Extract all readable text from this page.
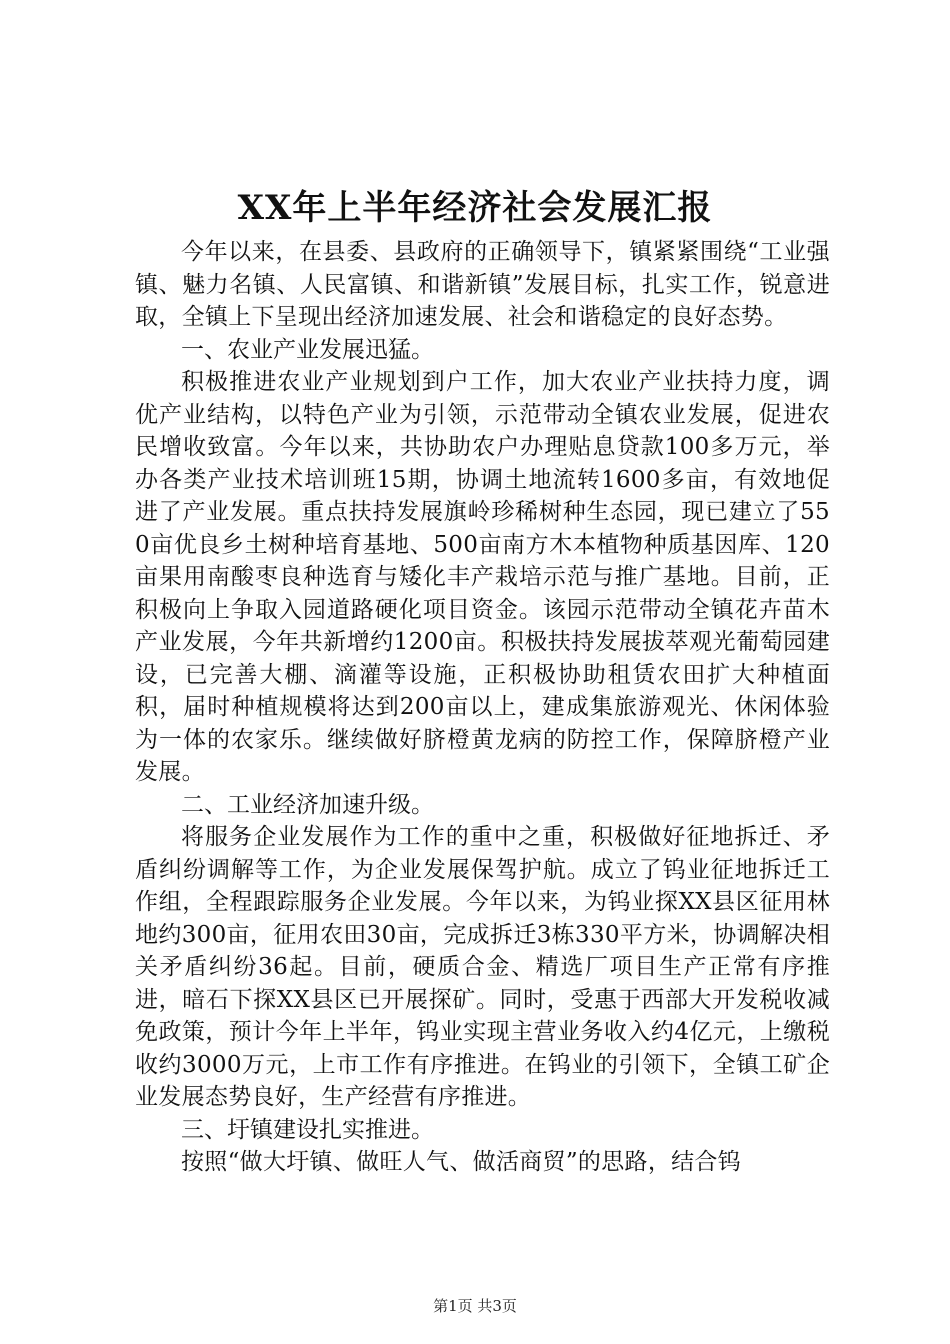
XX年上半年经济社会发展汇报

今年以来，在县委、县政府的正确领导下，镇紧紧围绕“工业强镇、魅力名镇、人民富镇、和谐新镇”发展目标，扎实工作，锐意进取，全镇上下呈现出经济加速发展、社会和谐稳定的良好态势。

一、农业产业发展迅猛。

积极推进农业产业规划到户工作，加大农业产业扶持力度，调优产业结构，以特色产业为引领，示范带动全镇农业发展，促进农民增收致富。今年以来，共协助农户办理贴息贷款100多万元，举办各类产业技术培训班15期，协调土地流转1600多亩，有效地促进了产业发展。重点扶持发展旗岭珍稀树种生态园，现已建立了550亩优良乡土树种培育基地、500亩南方木本植物种质基因库、120亩果用南酸枣良种选育与矮化丰产栽培示范与推广基地。目前，正积极向上争取入园道路硬化项目资金。该园示范带动全镇花卉苗木产业发展，今年共新增约1200亩。积极扶持发展拔萃观光葡萄园建设，已完善大棚、滴灌等设施，正积极协助租赁农田扩大种植面积，届时种植规模将达到200亩以上，建成集旅游观光、休闲体验为一体的农家乐。继续做好脐橙黄龙病的防控工作，保障脐橙产业发展。

二、工业经济加速升级。

将服务企业发展作为工作的重中之重，积极做好征地拆迁、矛盾纠纷调解等工作，为企业发展保驾护航。成立了钨业征地拆迁工作组，全程跟踪服务企业发展。今年以来，为钨业探XX县区征用林地约300亩，征用农田30亩，完成拆迁3栋330平方米，协调解决相关矛盾纠纷36起。目前，硬质合金、精选厂项目生产正常有序推进，暗石下探XX县区已开展探矿。同时，受惠于西部大开发税收减免政策，预计今年上半年，钨业实现主营业务收入约4亿元，上缴税收约3000万元，上市工作有序推进。在钨业的引领下，全镇工矿企业发展态势良好，生产经营有序推进。

三、圩镇建设扎实推进。

按照“做大圩镇、做旺人气、做活商贸”的思路，结合钨

第1页 共3页
